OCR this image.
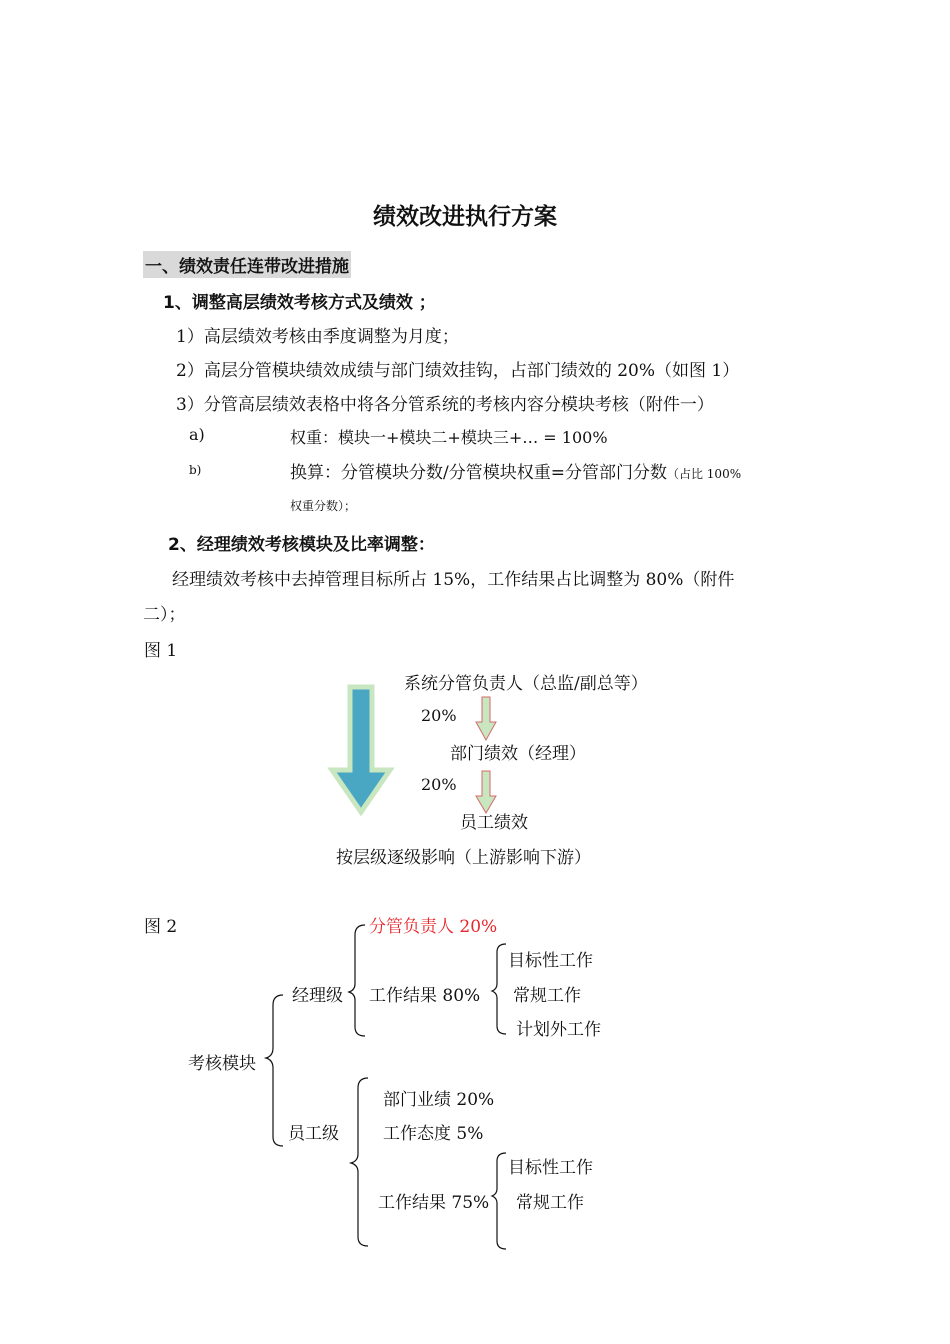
绩效改进执行方案
一、绩效责任连带改进措施
1、调整高层绩效考核方式及绩效 ；
1）高层绩效考核由季度调整为月度；
2）高层分管模块绩效成绩与部门绩效挂钩，占部门绩效的 20%（如图 1）
3）分管高层绩效表格中将各分管系统的考核内容分模块考核（附件一）
a)	权重：模块一+模块二+模块三+… = 100%
b)	换算：分管模块分数/分管模块权重=分管部门分数（占比 100%
权重分数）；
2、经理绩效考核模块及比率调整：
经理绩效考核中去掉管理目标所占 15%，工作结果占比调整为 80%（附件
二）；
图 1
系统分管负责人（总监/副总等）
20%
部门绩效（经理）
20%
员工绩效
按层级逐级影响（上游影响下游）
图 2
考核模块
经理级
分管负责人 20%
工作结果 80%
目标性工作
常规工作
计划外工作
员工级
部门业绩 20%
工作态度 5%
工作结果 75%
目标性工作
常规工作
